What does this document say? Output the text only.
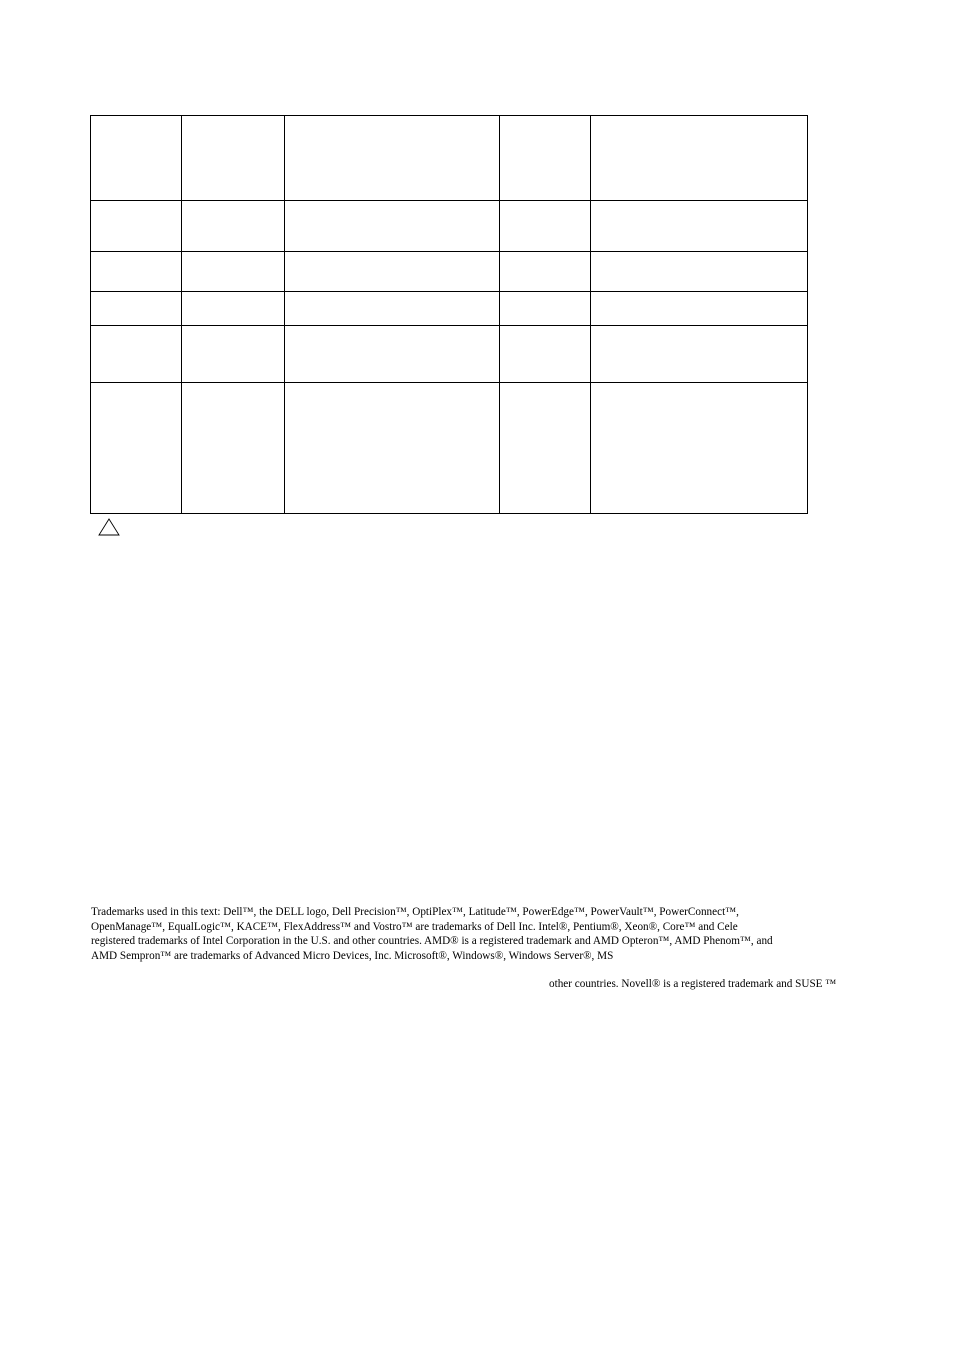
Trademarks used in this text: Dell™, the DELL logo, Dell Precision™, OptiPlex™, Latitude™, PowerEdge™, PowerVault™, PowerConnect™,
OpenManage™, EqualLogic™, KACE™, FlexAddress™ and Vostro™ are trademarks of Dell Inc. Intel®, Pentium®, Xeon®, Core™ and Cele
registered trademarks of Intel Corporation in the U.S. and other countries. AMD® is a registered trademark and AMD Opteron™, AMD Phenom™, and
AMD Sempron™ are trademarks of Advanced Micro Devices, Inc. Microsoft®, Windows®, Windows Server®, MS
other countries. Novell® is a registered trademark and SUSE ™
